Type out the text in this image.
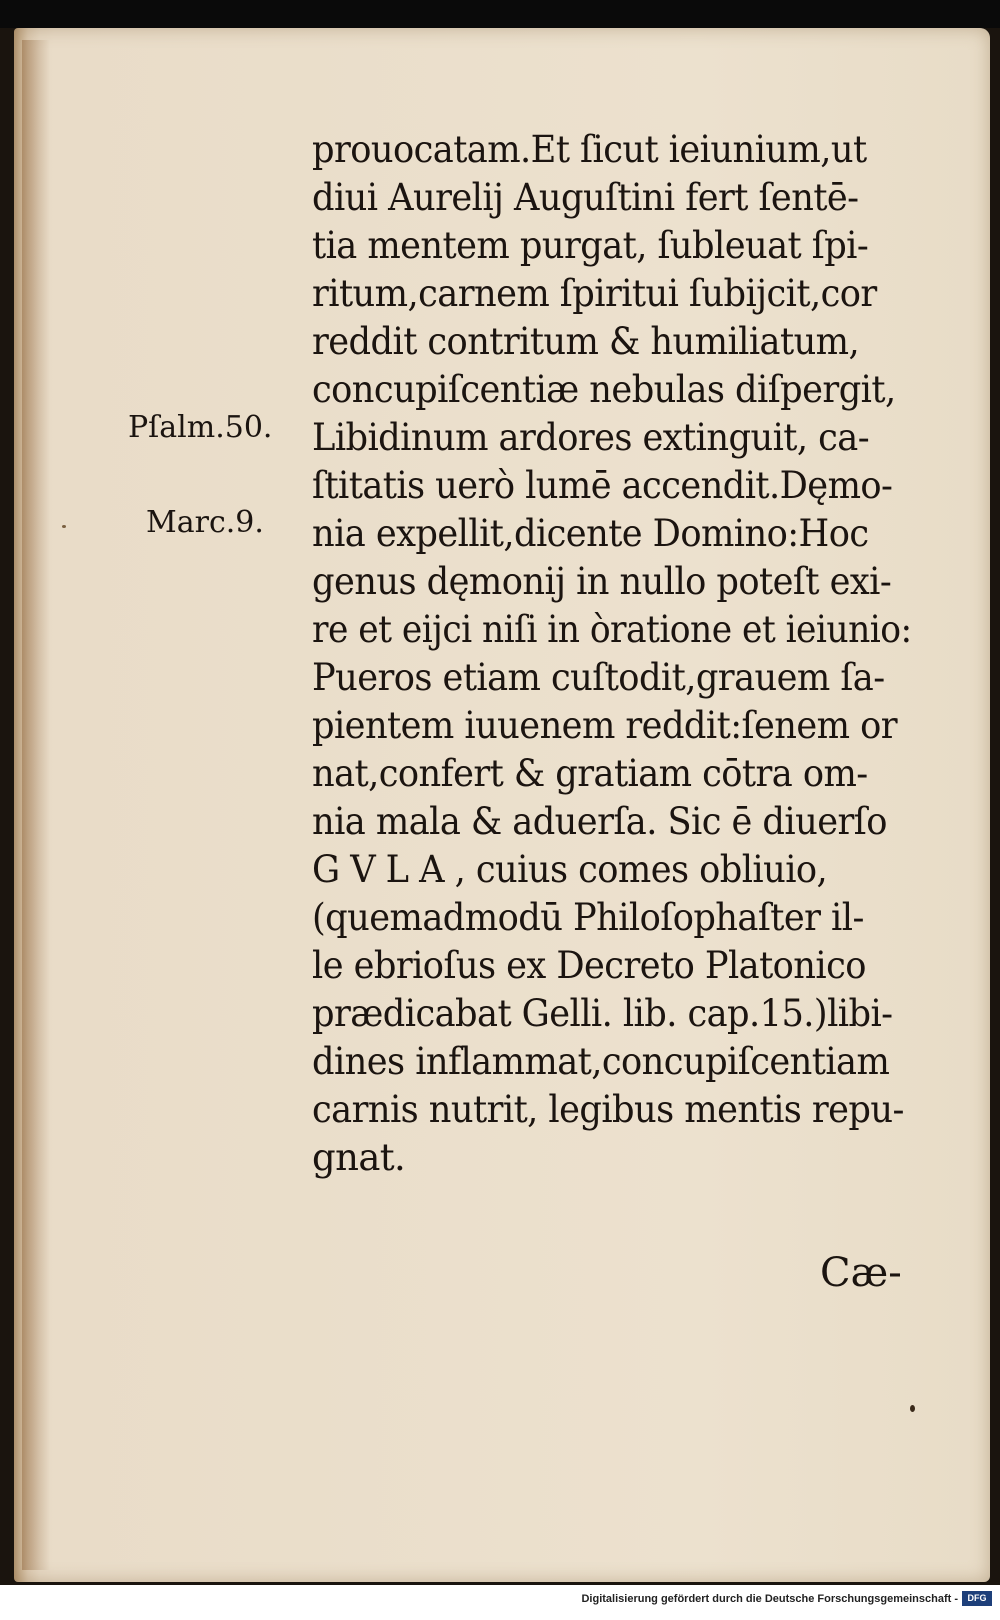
prouocatam.Et ſicut ieiunium,ut
diui Aurelij Auguſtini fert ſentē-
tia mentem purgat, ſubleuat ſpi-
ritum,carnem ſpiritui ſubijcit,cor
reddit contritum & humiliatum,
concupiſcentiæ nebulas diſpergit,
Libidinum ardores extinguit, ca-
ſtitatis uerò lumē accendit.Dęmo-
nia expellit,dicente Domino:Hoc
genus dęmonij in nullo poteſt exi-
re et eijci niſi in òratione et ieiunio:
Pueros etiam cuſtodit,grauem ſa-
pientem iuuenem reddit:ſenem or
nat,confert & gratiam cōtra om-
nia mala & aduerſa. Sic ē diuerſo
G V L A , cuius comes obliuio,
(quemadmodū Philoſophaſter il-
le ebrioſus ex Decreto Platonico
prædicabat Gelli. lib. cap.15.)libi-
dines inflammat,concupiſcentiam
carnis nutrit, legibus mentis repu-
gnat.
Pſalm.50.
Marc.9.
Cæ-
Digitalisierung gefördert durch die Deutsche Forschungsgemeinschaft -	DFG
